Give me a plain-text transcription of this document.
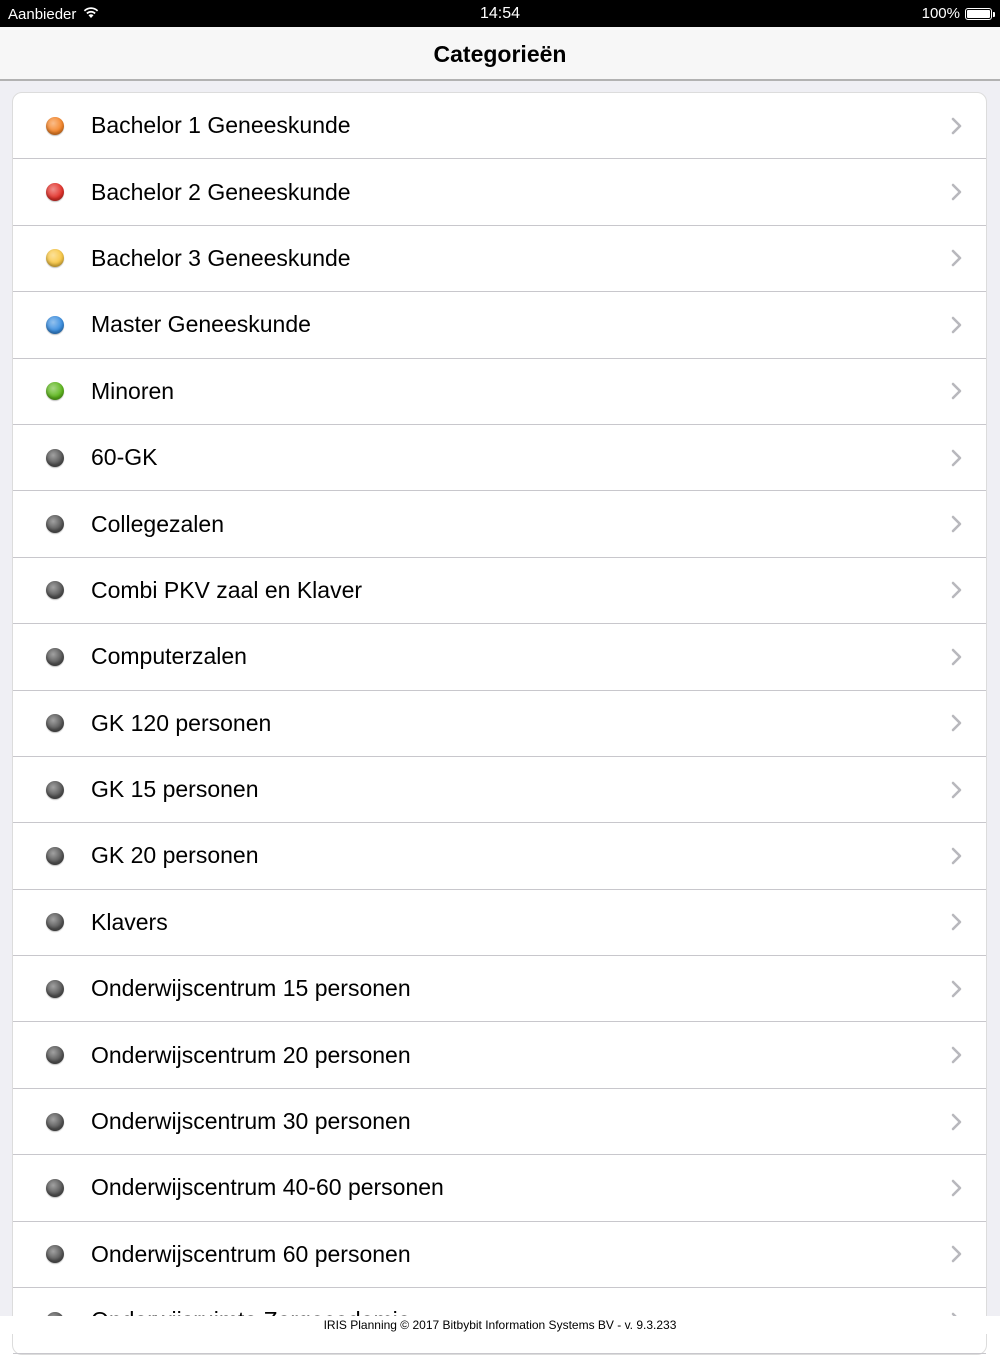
Aanbieder	14:54	100%
Categorieën
Bachelor 1 Geneeskunde
Bachelor 2 Geneeskunde
Bachelor 3 Geneeskunde
Master Geneeskunde
Minoren
60-GK
Collegezalen
Combi PKV zaal en Klaver
Computerzalen
GK 120 personen
GK 15 personen
GK 20 personen
Klavers
Onderwijscentrum 15 personen
Onderwijscentrum 20 personen
Onderwijscentrum 30 personen
Onderwijscentrum 40-60 personen
Onderwijscentrum 60 personen
IRIS Planning © 2017 Bitbybit Information Systems BV - v. 9.3.233
